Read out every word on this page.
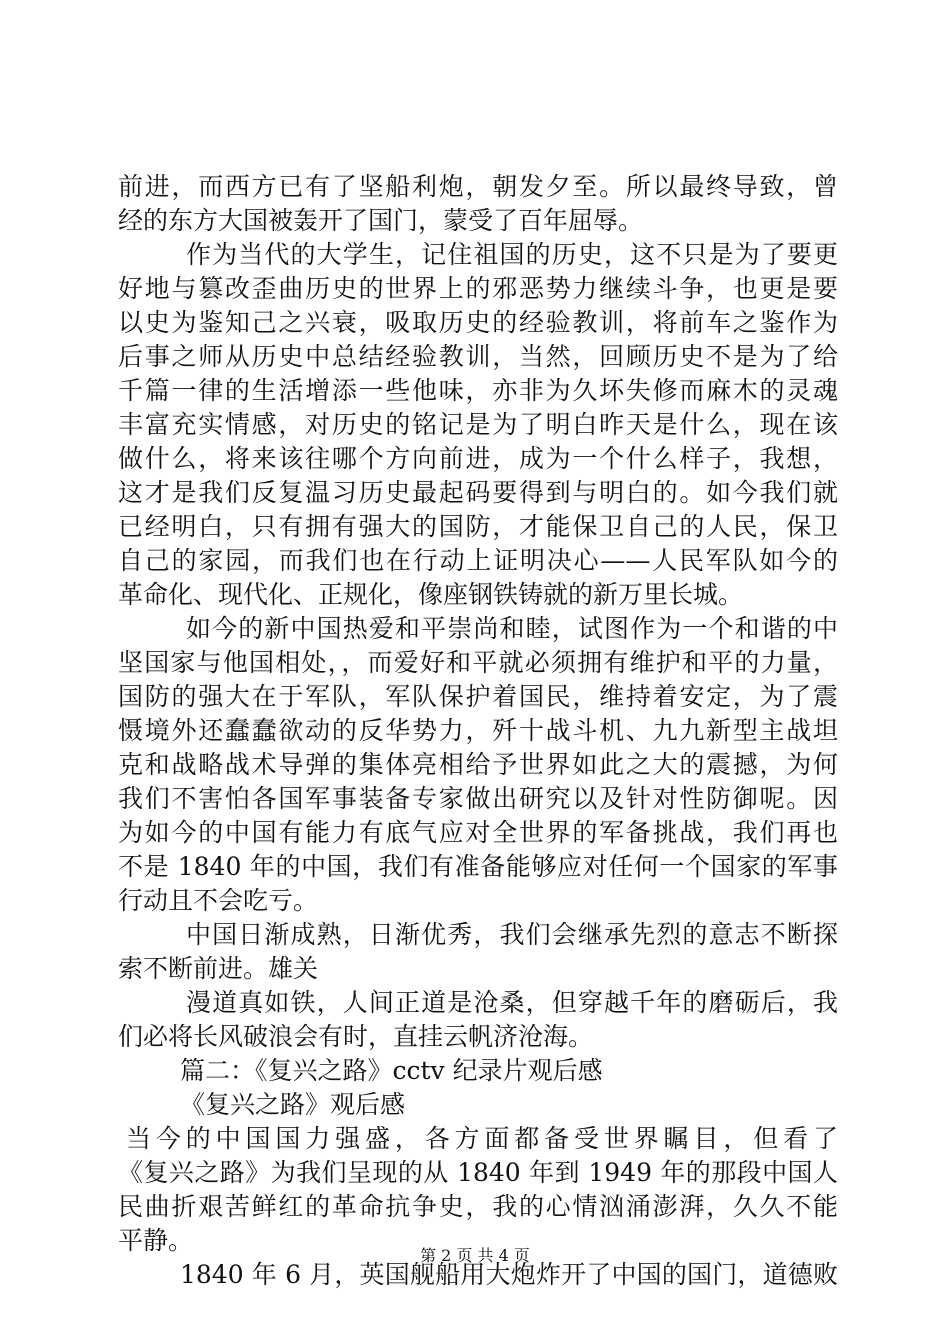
前进，而西方已有了坚船利炮，朝发夕至。所以最终导致，曾
经的东方大国被轰开了国门，蒙受了百年屈辱。
作为当代的大学生，记住祖国的历史，这不只是为了要更
好地与篡改歪曲历史的世界上的邪恶势力继续斗争，也更是要
以史为鉴知己之兴衰，吸取历史的经验教训，将前车之鉴作为
后事之师从历史中总结经验教训，当然，回顾历史不是为了给
千篇一律的生活增添一些他味，亦非为久坏失修而麻木的灵魂
丰富充实情感，对历史的铭记是为了明白昨天是什么，现在该
做什么，将来该往哪个方向前进，成为一个什么样子，我想，
这才是我们反复温习历史最起码要得到与明白的。如今我们就
已经明白，只有拥有强大的国防，才能保卫自己的人民，保卫
自己的家园，而我们也在行动上证明决心——人民军队如今的
革命化、现代化、正规化，像座钢铁铸就的新万里长城。
如今的新中国热爱和平崇尚和睦，试图作为一个和谐的中
坚国家与他国相处，，而爱好和平就必须拥有维护和平的力量，
国防的强大在于军队，军队保护着国民，维持着安定，为了震
慑境外还蠢蠢欲动的反华势力，歼十战斗机、九九新型主战坦
克和战略战术导弹的集体亮相给予世界如此之大的震撼，为何
我们不害怕各国军事装备专家做出研究以及针对性防御呢。因
为如今的中国有能力有底气应对全世界的军备挑战，我们再也
不是 1840 年的中国，我们有准备能够应对任何一个国家的军事
行动且不会吃亏。
中国日渐成熟，日渐优秀，我们会继承先烈的意志不断探
索不断前进。雄关
漫道真如铁，人间正道是沧桑，但穿越千年的磨砺后，我
们必将长风破浪会有时，直挂云帆济沧海。
篇二：《复兴之路》cctv 纪录片观后感
《复兴之路》观后感
当今的中国国力强盛，各方面都备受世界瞩目，但看了
《复兴之路》为我们呈现的从 1840 年到 1949 年的那段中国人
民曲折艰苦鲜红的革命抗争史，我的心情汹涌澎湃，久久不能
平静。
1840 年 6 月，英国舰船用大炮炸开了中国的国门，道德败
第 2 页 共 4 页
